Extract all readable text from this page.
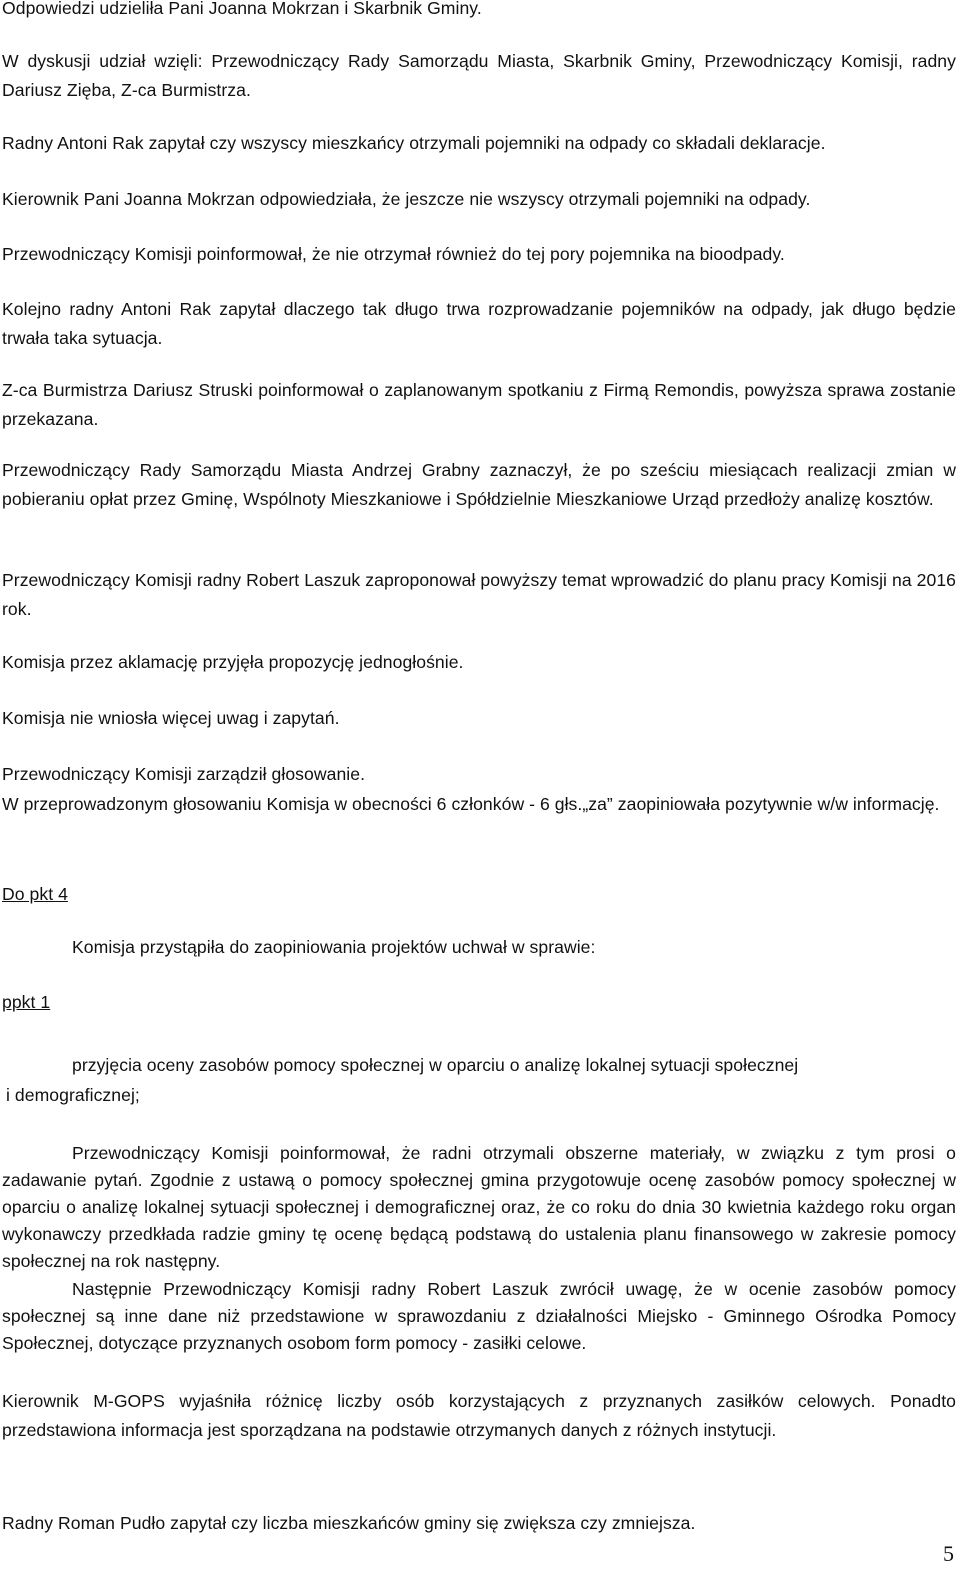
Odpowiedzi udzieliła Pani Joanna Mokrzan i Skarbnik Gminy.

W dyskusji udział wzięli: Przewodniczący Rady Samorządu Miasta, Skarbnik Gminy, Przewodniczący Komisji, radny Dariusz Zięba, Z-ca Burmistrza.

Radny Antoni Rak zapytał czy wszyscy mieszkańcy otrzymali pojemniki na odpady co składali deklaracje.

Kierownik Pani Joanna Mokrzan odpowiedziała, że jeszcze nie wszyscy otrzymali pojemniki na odpady.

Przewodniczący Komisji poinformował, że nie otrzymał również do tej pory pojemnika na bioodpady.

Kolejno radny Antoni Rak zapytał dlaczego tak długo trwa rozprowadzanie pojemników na odpady, jak długo będzie trwała taka sytuacja.

Z-ca Burmistrza Dariusz Struski poinformował o zaplanowanym spotkaniu z Firmą Remondis, powyższa sprawa zostanie przekazana.

Przewodniczący Rady Samorządu Miasta Andrzej Grabny zaznaczył, że po sześciu miesiącach realizacji zmian w pobieraniu opłat przez Gminę, Wspólnoty Mieszkaniowe i Spółdzielnie Mieszkaniowe Urząd przedłoży analizę kosztów.

Przewodniczący Komisji radny Robert Laszuk zaproponował powyższy temat wprowadzić do planu pracy Komisji na 2016 rok.

Komisja przez aklamację przyjęła propozycję jednogłośnie.

Komisja nie wniosła więcej uwag i zapytań.

Przewodniczący Komisji zarządził głosowanie.

W przeprowadzonym głosowaniu Komisja w obecności 6 członków - 6 głs.„za” zaopiniowała pozytywnie w/w informację.

Do pkt 4

Komisja przystąpiła do zaopiniowania projektów uchwał w sprawie:

ppkt 1

przyjęcia oceny zasobów pomocy społecznej w oparciu o analizę lokalnej sytuacji społecznej

i demograficznej;

Przewodniczący Komisji poinformował, że radni otrzymali obszerne materiały, w związku z tym prosi o zadawanie pytań. Zgodnie z ustawą o pomocy społecznej gmina przygotowuje ocenę zasobów pomocy społecznej w oparciu o analizę lokalnej sytuacji społecznej i demograficznej oraz, że co roku do dnia 30 kwietnia każdego roku organ wykonawczy przedkłada radzie gminy tę ocenę będącą podstawą do ustalenia planu finansowego w zakresie pomocy społecznej na rok następny.

Następnie Przewodniczący Komisji radny Robert Laszuk zwrócił uwagę, że w ocenie zasobów pomocy społecznej są inne dane niż przedstawione w sprawozdaniu z działalności Miejsko - Gminnego Ośrodka Pomocy Społecznej, dotyczące przyznanych osobom form pomocy - zasiłki celowe.

Kierownik M-GOPS wyjaśniła różnicę liczby osób korzystających z przyznanych zasiłków celowych. Ponadto przedstawiona informacja jest sporządzana na podstawie otrzymanych danych z różnych instytucji.

Radny Roman Pudło zapytał czy liczba mieszkańców gminy się zwiększa czy zmniejsza.

5
